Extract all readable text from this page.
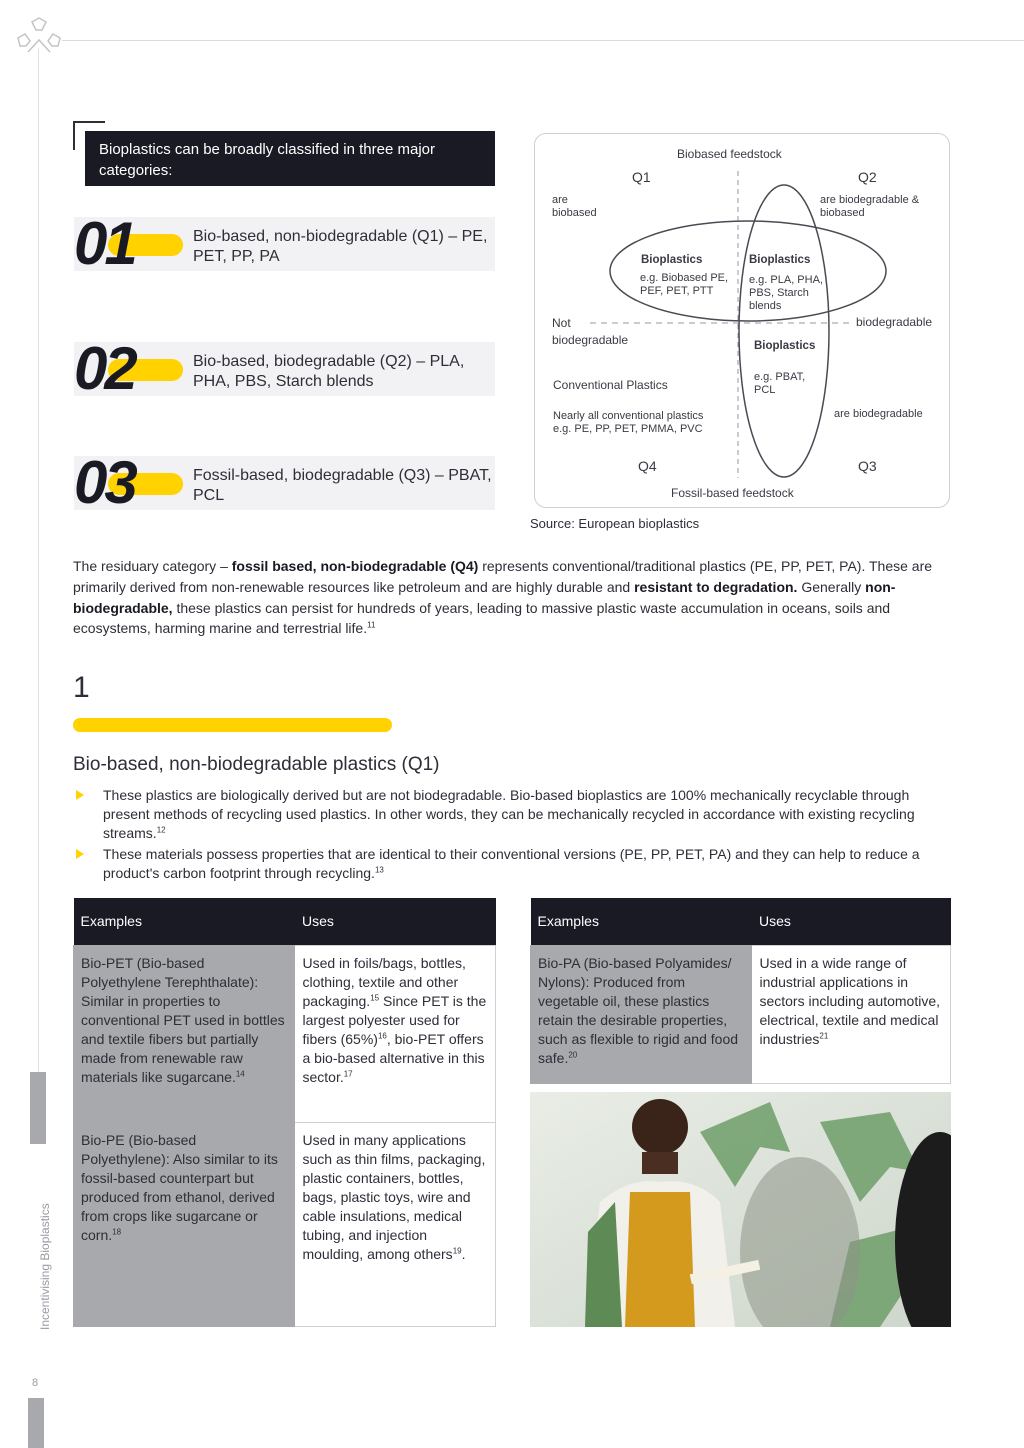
Incentivising Bioplastics
8
Bioplastics can be broadly classified in three major categories:
01	Bio-based, non-biodegradable (Q1) – PE, PET, PP, PA
02	Bio-based, biodegradable (Q2) – PLA, PHA, PBS, Starch blends
03	Fossil-based, biodegradable (Q3) – PBAT, PCL
Biobased feedstock
Fossil-based feedstock
Q1	Q2
Q4	Q3
are
biobased
are biodegradable &
biobased
are biodegradable
Not
biodegradable
biodegradable
Bioplastics
e.g. Biobased PE,
PEF, PET, PTT
Bioplastics
e.g. PLA, PHA,
PBS, Starch
blends
Bioplastics
e.g. PBAT,
PCL
Conventional Plastics
Nearly all conventional plastics
e.g. PE, PP, PET, PMMA, PVC
Source: European bioplastics
The residuary category – fossil based, non-biodegradable (Q4) represents conventional/traditional plastics (PE, PP, PET, PA). These are primarily derived from non-renewable resources like petroleum and are highly durable and resistant to degradation. Generally non-biodegradable, these plastics can persist for hundreds of years, leading to massive plastic waste accumulation in oceans, soils and ecosystems, harming marine and terrestrial life.$^{11}$
1
Bio-based, non-biodegradable plastics (Q1)
These plastics are biologically derived but are not biodegradable. Bio-based bioplastics are 100% mechanically recyclable through present methods of recycling used plastics. In other words, they can be mechanically recycled in accordance with existing recycling streams.$^{12}$
These materials possess properties that are identical to their conventional versions (PE, PP, PET, PA) and they can help to reduce a product's carbon footprint through recycling.$^{13}$
Examples	Uses
Bio-PET (Bio-based Polyethylene Terephthalate): Similar in properties to conventional PET used in bottles and textile fibers but partially made from renewable raw materials like sugarcane.$^{14}$	Used in foils/bags, bottles, clothing, textile and other packaging.$^{15}$ Since PET is the largest polyester used for fibers $(65\%)^{16}$, bio-PET offers a bio-based alternative in this sector.$^{17}$
Bio-PE (Bio-based Polyethylene): Also similar to its fossil-based counterpart but produced from ethanol, derived from crops like sugarcane or corn.$^{18}$	Used in many applications such as thin films, packaging, plastic containers, bottles, bags, plastic toys, wire and cable insulations, medical tubing, and injection moulding, among others$^{19}$.
Examples	Uses
Bio-PA (Bio-based Polyamides/ Nylons): Produced from vegetable oil, these plastics retain the desirable properties, such as flexible to rigid and food safe.$^{20}$	Used in a wide range of industrial applications in sectors including automotive, electrical, textile and medical industries$^{21}$
